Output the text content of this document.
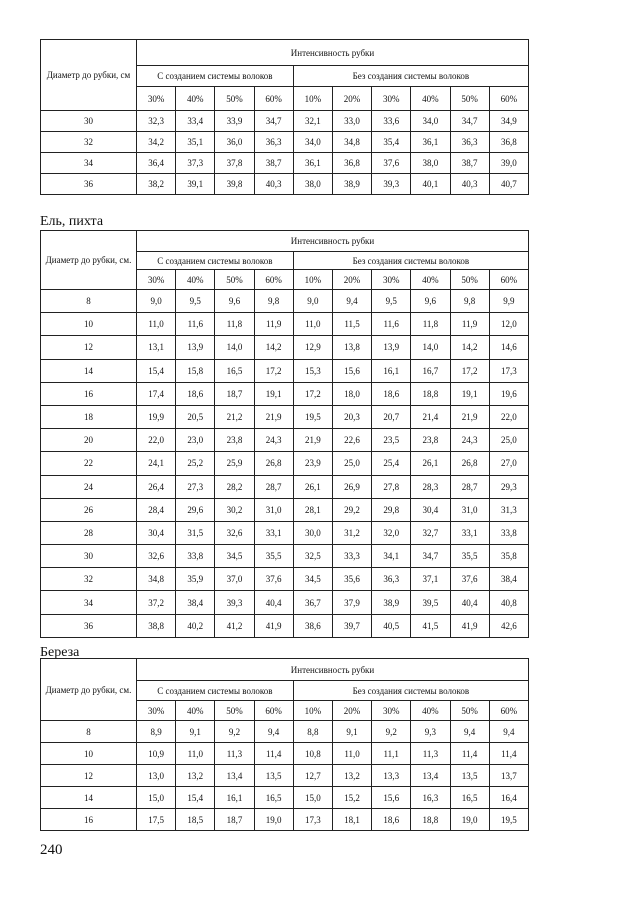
Ель, пихта
Береза
Диаметр до рубки, см	Интенсивность рубки									
	С созданием системы волоков				Без создания системы волоков					
	30%	40%	50%	60%	10%	20%	30%	40%	50%	60%
30	32,3	33,4	33,9	34,7	32,1	33,0	33,6	34,0	34,7	34,9
32	34,2	35,1	36,0	36,3	34,0	34,8	35,4	36,1	36,3	36,8
34	36,4	37,3	37,8	38,7	36,1	36,8	37,6	38,0	38,7	39,0
36	38,2	39,1	39,8	40,3	38,0	38,9	39,3	40,1	40,3	40,7
Диаметр до рубки, см.	Интенсивность рубки									
	С созданием системы волоков				Без создания системы волоков					
	30%	40%	50%	60%	10%	20%	30%	40%	50%	60%
8	9,0	9,5	9,6	9,8	9,0	9,4	9,5	9,6	9,8	9,9
10	11,0	11,6	11,8	11,9	11,0	11,5	11,6	11,8	11,9	12,0
12	13,1	13,9	14,0	14,2	12,9	13,8	13,9	14,0	14,2	14,6
14	15,4	15,8	16,5	17,2	15,3	15,6	16,1	16,7	17,2	17,3
16	17,4	18,6	18,7	19,1	17,2	18,0	18,6	18,8	19,1	19,6
18	19,9	20,5	21,2	21,9	19,5	20,3	20,7	21,4	21,9	22,0
20	22,0	23,0	23,8	24,3	21,9	22,6	23,5	23,8	24,3	25,0
22	24,1	25,2	25,9	26,8	23,9	25,0	25,4	26,1	26,8	27,0
24	26,4	27,3	28,2	28,7	26,1	26,9	27,8	28,3	28,7	29,3
26	28,4	29,6	30,2	31,0	28,1	29,2	29,8	30,4	31,0	31,3
28	30,4	31,5	32,6	33,1	30,0	31,2	32,0	32,7	33,1	33,8
30	32,6	33,8	34,5	35,5	32,5	33,3	34,1	34,7	35,5	35,8
32	34,8	35,9	37,0	37,6	34,5	35,6	36,3	37,1	37,6	38,4
34	37,2	38,4	39,3	40,4	36,7	37,9	38,9	39,5	40,4	40,8
36	38,8	40,2	41,2	41,9	38,6	39,7	40,5	41,5	41,9	42,6
Диаметр до рубки, см.	Интенсивность рубки									
	С созданием системы волоков				Без создания системы волоков					
	30%	40%	50%	60%	10%	20%	30%	40%	50%	60%
8	8,9	9,1	9,2	9,4	8,8	9,1	9,2	9,3	9,4	9,4
10	10,9	11,0	11,3	11,4	10,8	11,0	11,1	11,3	11,4	11,4
12	13,0	13,2	13,4	13,5	12,7	13,2	13,3	13,4	13,5	13,7
14	15,0	15,4	16,1	16,5	15,0	15,2	15,6	16,3	16,5	16,4
16	17,5	18,5	18,7	19,0	17,3	18,1	18,6	18,8	19,0	19,5
240
